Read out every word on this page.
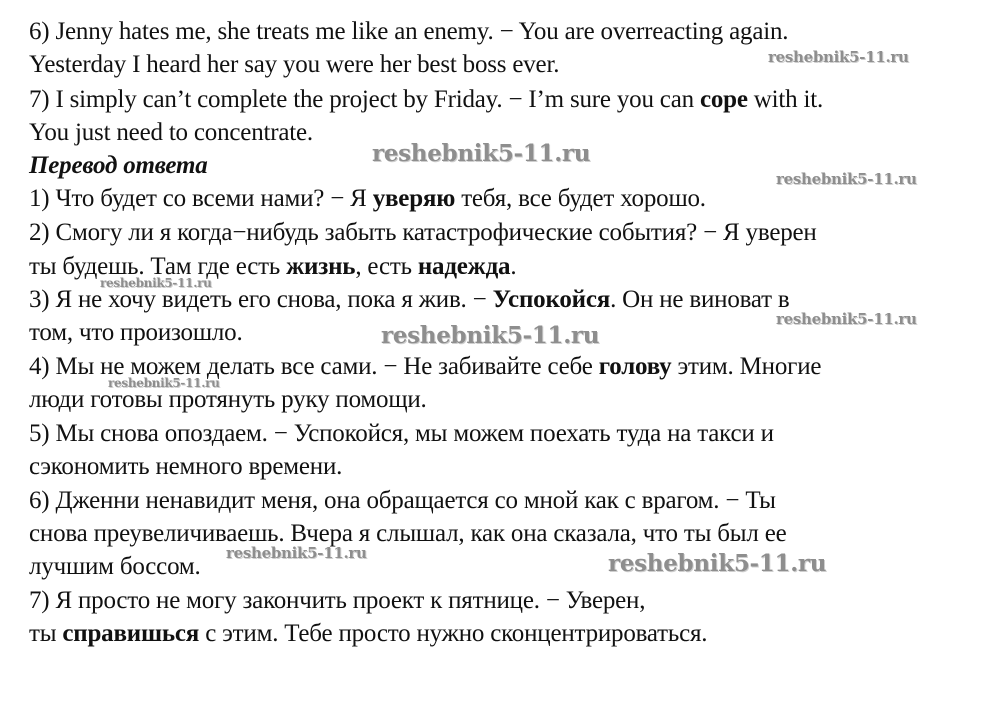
6) Jenny hates me, she treats me like an enemy. − You are overreacting again.
Yesterday I heard her say you were her best boss ever.
7) I simply can’t complete the project by Friday. − I’m sure you can cope with it.
You just need to concentrate.
Перевод ответа
1) Что будет со всеми нами? − Я уверяю тебя, все будет хорошо.
2) Смогу ли я когда−нибудь забыть катастрофические события? − Я уверен
ты будешь. Там где есть жизнь, есть надежда.
3) Я не хочу видеть его снова, пока я жив. − Успокойся. Он не виноват в
том, что произошло.
4) Мы не можем делать все сами. − Не забивайте себе голову этим. Многие
люди готовы протянуть руку помощи.
5) Мы снова опоздаем. − Успокойся, мы можем поехать туда на такси и
сэкономить немного времени.
6) Дженни ненавидит меня, она обращается со мной как с врагом. − Ты
снова преувеличиваешь. Вчера я слышал, как она сказала, что ты был ее
лучшим боссом.
7) Я просто не могу закончить проект к пятнице. − Уверен,
ты справишься с этим. Тебе просто нужно сконцентрироваться.
reshebnik5-11.ru
reshebnik5-11.ru
reshebnik5-11.ru
reshebnik5-11.ru
reshebnik5-11.ru
reshebnik5-11.ru
reshebnik5-11.ru
reshebnik5-11.ru	reshebnik5-11.ru
